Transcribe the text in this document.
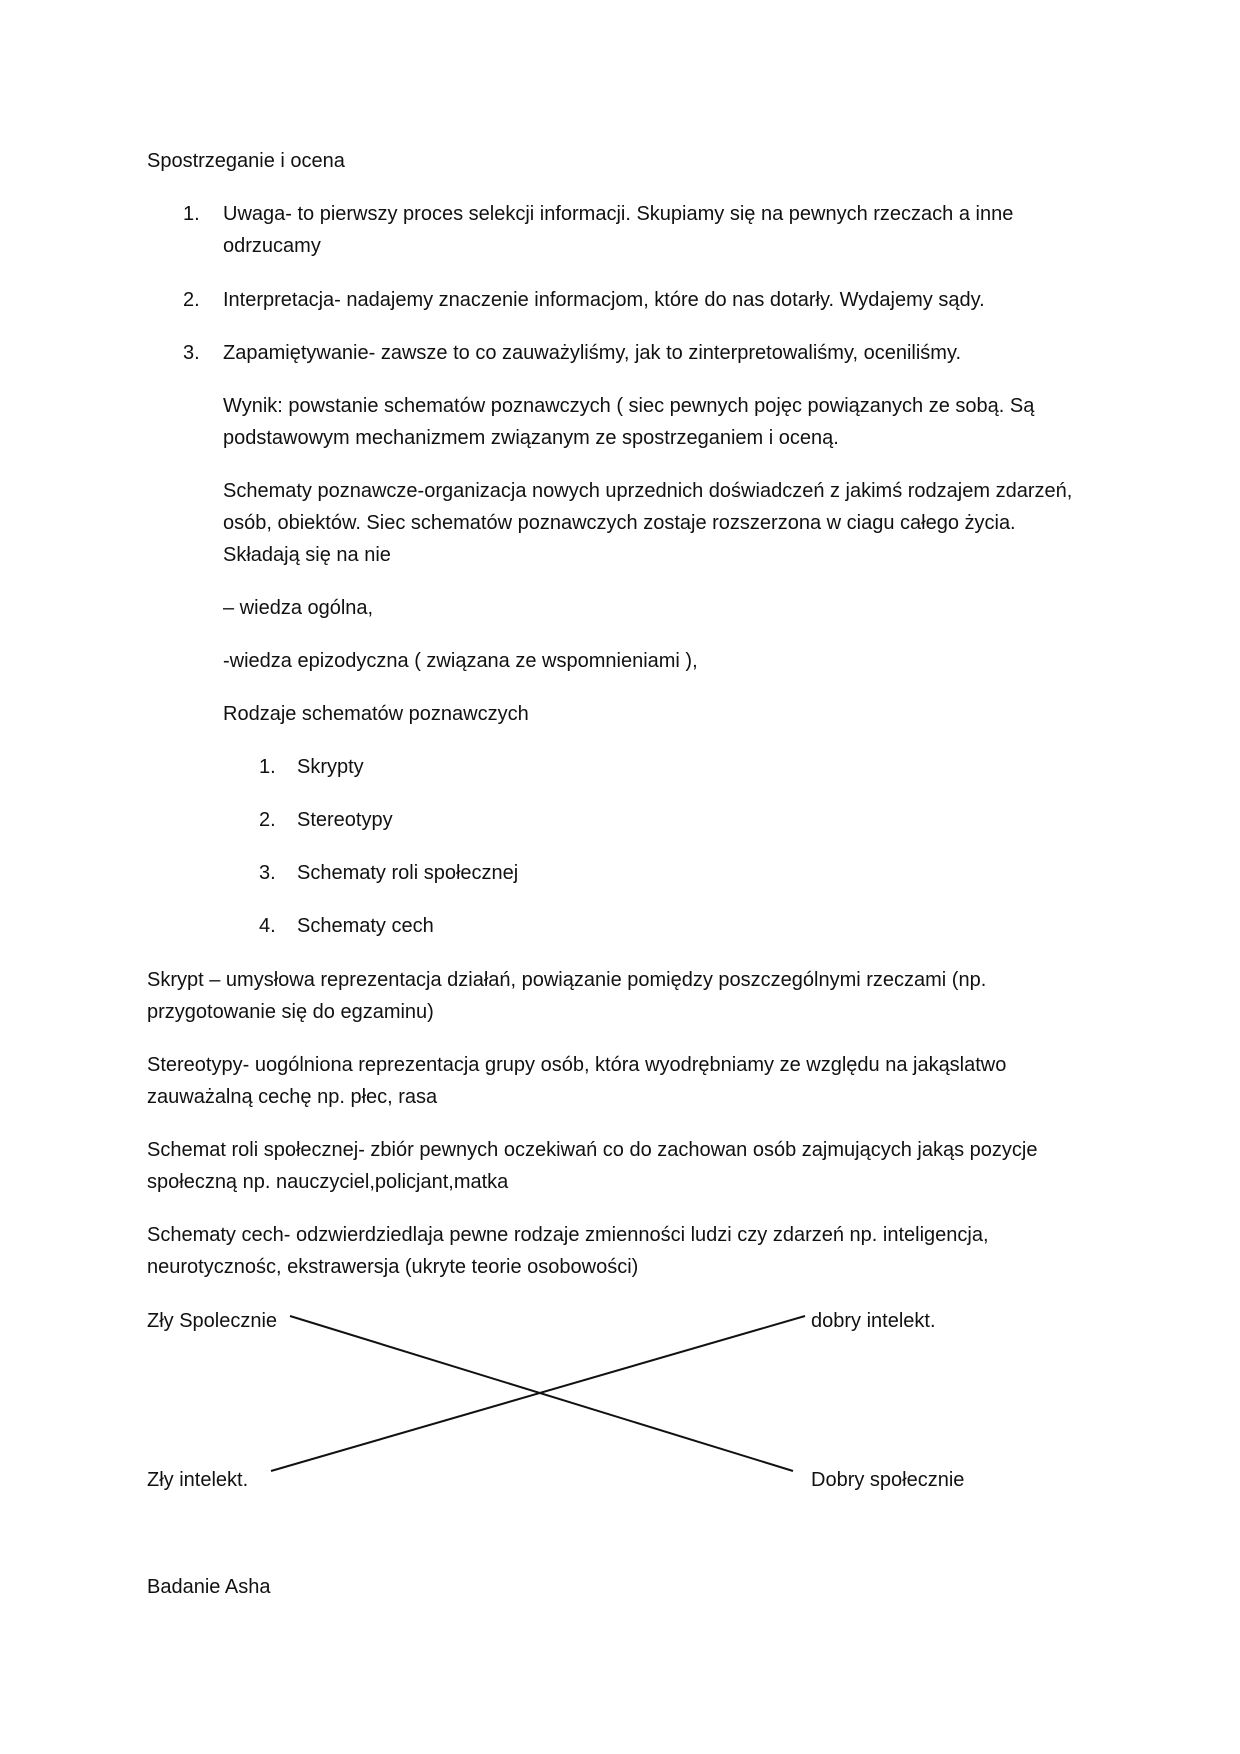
Spostrzeganie i ocena

1. Uwaga- to pierwszy proces selekcji informacji. Skupiamy się na pewnych rzeczach a inne odrzucamy

2. Interpretacja- nadajemy znaczenie informacjom, które do nas dotarły. Wydajemy sądy.

3. Zapamiętywanie- zawsze to co zauważyliśmy, jak to zinterpretowaliśmy, oceniliśmy.

Wynik: powstanie schematów poznawczych ( siec pewnych pojęc powiązanych ze sobą. Są podstawowym mechanizmem związanym ze spostrzeganiem i oceną.

Schematy poznawcze-organizacja nowych uprzednich doświadczeń z jakimś rodzajem zdarzeń, osób, obiektów. Siec schematów poznawczych zostaje rozszerzona w ciagu całego życia. Składają się na nie

– wiedza ogólna,

-wiedza epizodyczna ( związana ze wspomnieniami ),

Rodzaje schematów poznawczych

1. Skrypty

2. Stereotypy

3. Schematy roli społecznej

4. Schematy cech

Skrypt – umysłowa reprezentacja działań, powiązanie pomiędzy poszczególnymi rzeczami (np. przygotowanie się do egzaminu)

Stereotypy- uogólniona reprezentacja grupy osób, która wyodrębniamy ze względu na jakąslatwo zauważalną cechę np. płec, rasa

Schemat roli społecznej- zbiór pewnych oczekiwań co do zachowan osób zajmujących jakąs pozycje społeczną np. nauczyciel,policjant,matka

Schematy cech- odzwierdziedlaja pewne rodzaje zmienności ludzi czy zdarzeń np. inteligencja, neurotycznośc, ekstrawersja (ukryte teorie osobowości)

Zły Spolecznie	dobry intelekt.

Zły intelekt.	Dobry społecznie

Badanie Asha
